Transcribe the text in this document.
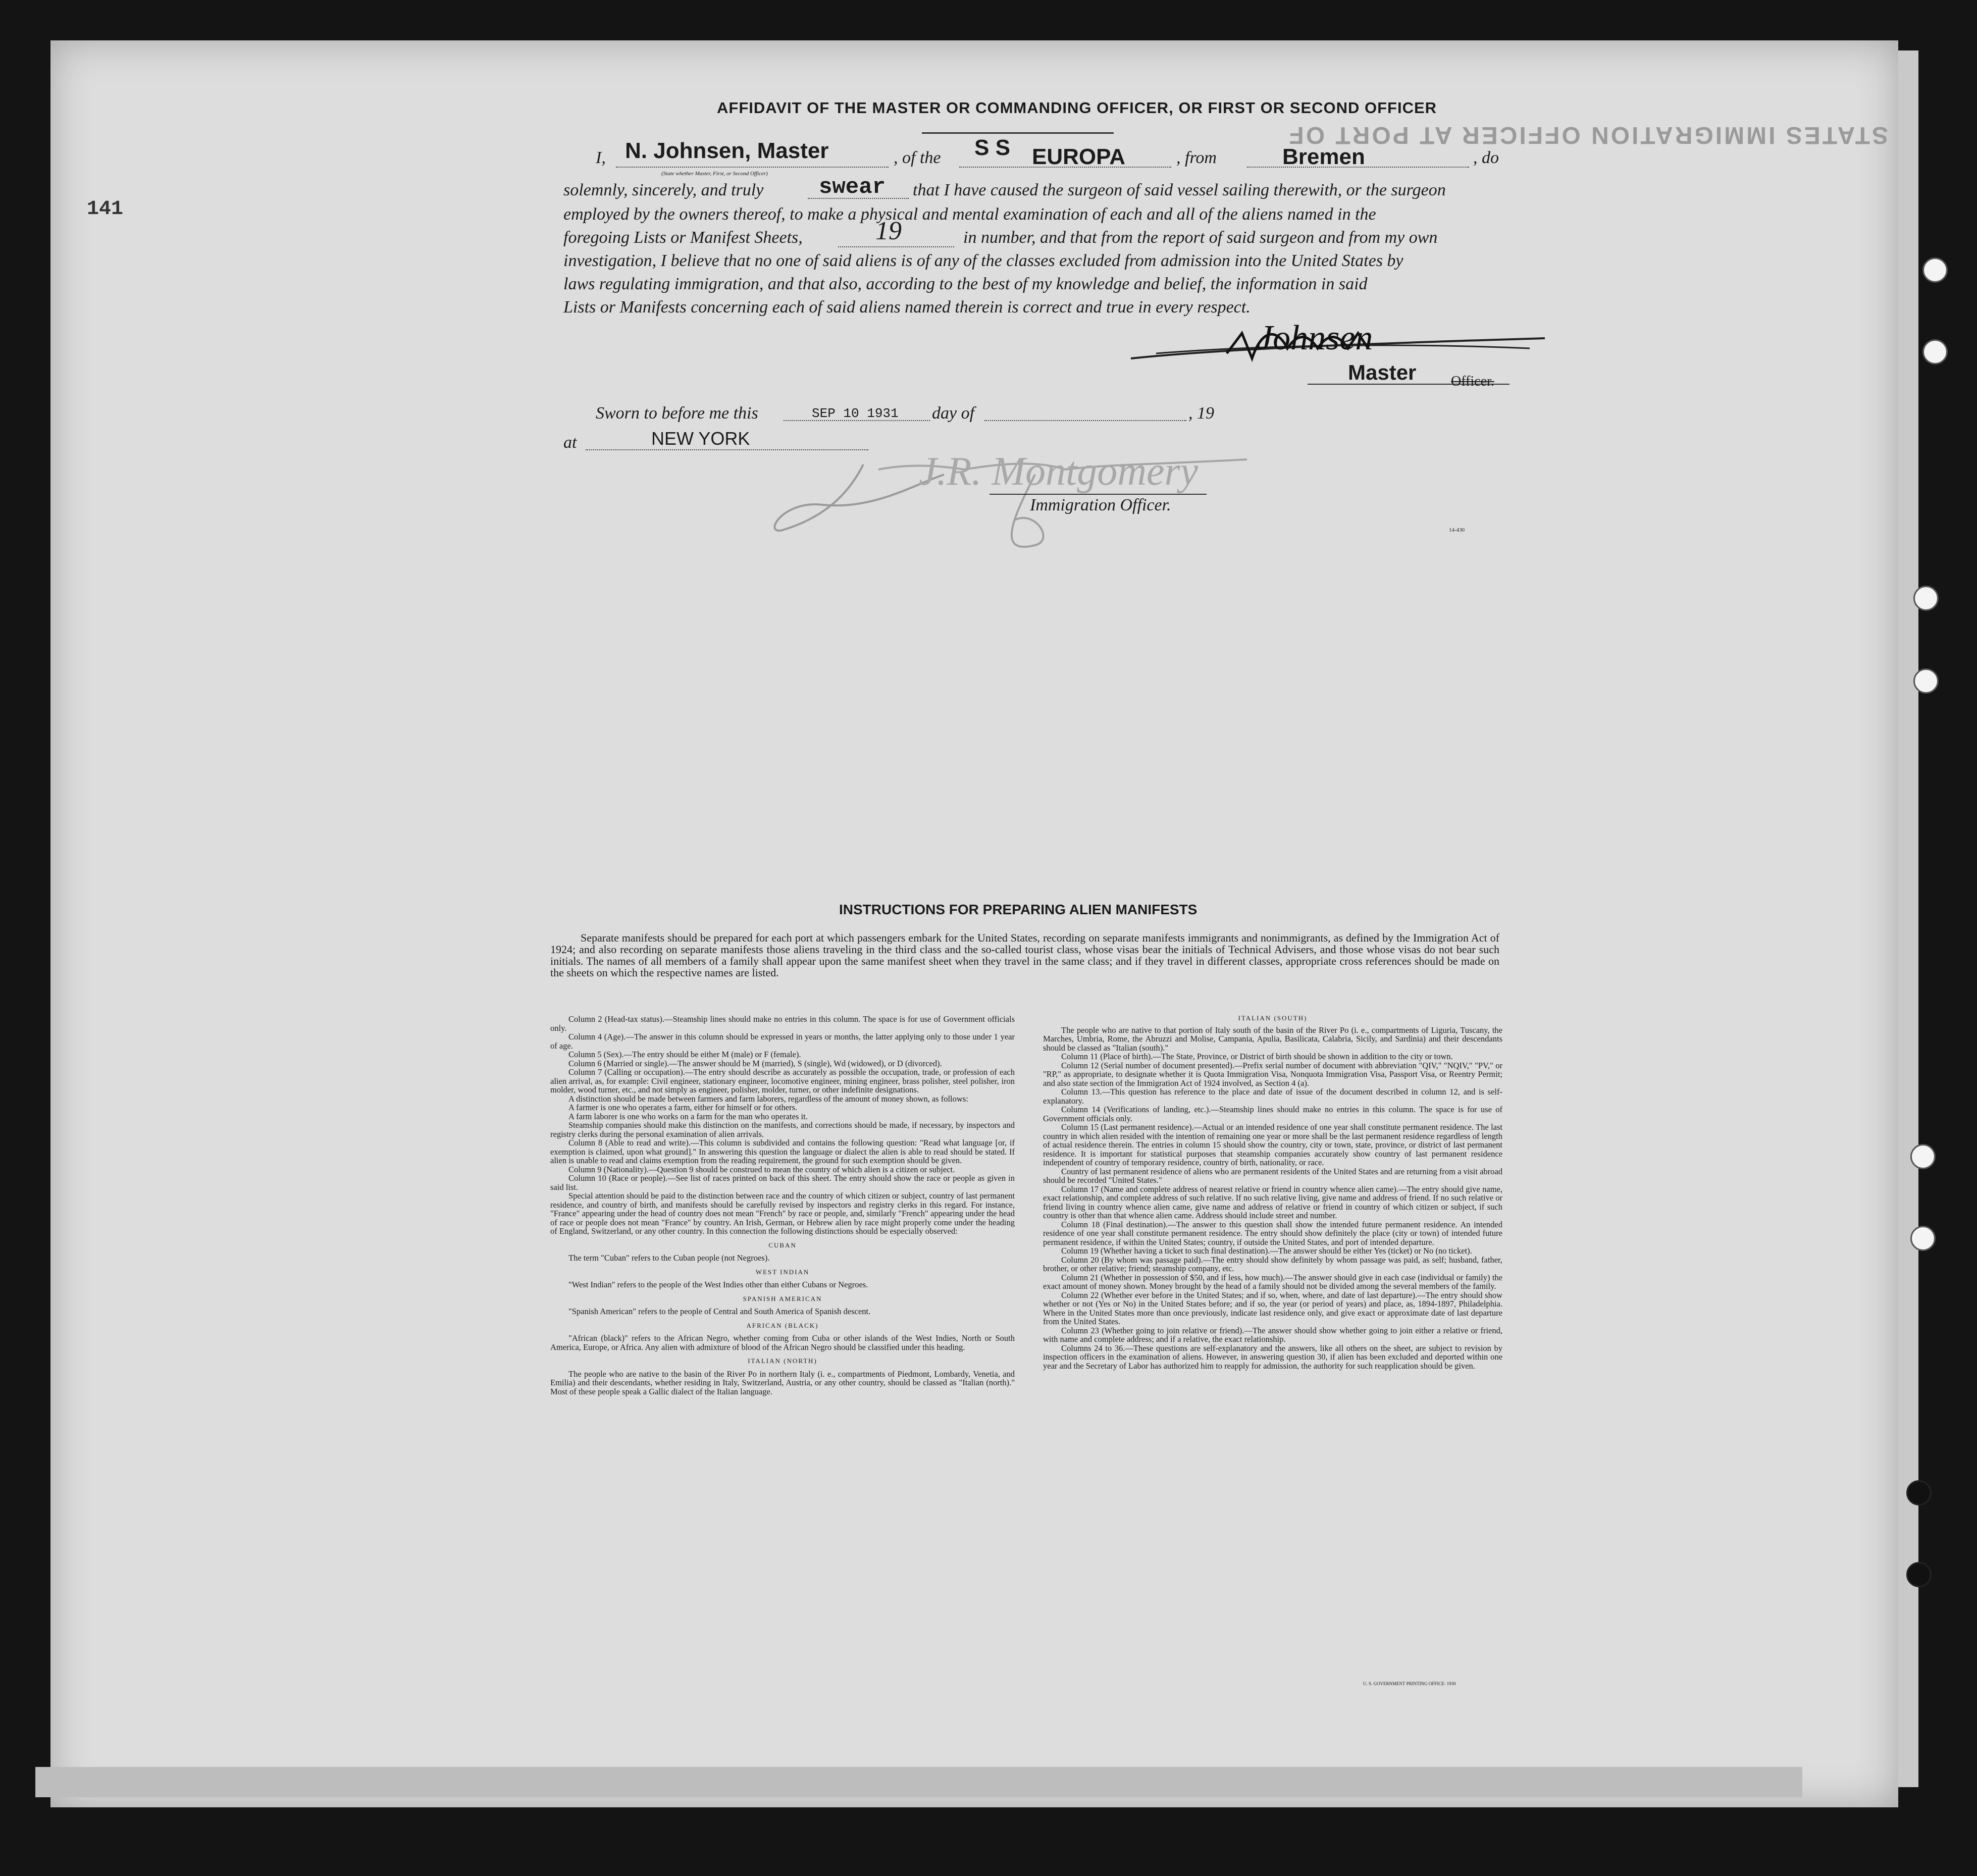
STATES IMMIGRATION OFFICER AT PORT OF
141
AFFIDAVIT OF THE MASTER OR COMMANDING OFFICER, OR FIRST OR SECOND OFFICER
I, N. Johnsen, Master
(State whether Master, First, or Second Officer)
, of the S S EUROPA	, from	Bremen	, do
solemnly, sincerely, and truly swear that I have caused the surgeon of said vessel sailing therewith, or the surgeon
employed by the owners thereof, to make a physical and mental examination of each and all of the aliens named in the
foregoing Lists or Manifest Sheets,	19	in number, and that from the report of said surgeon and from my own
investigation, I believe that no one of said aliens is of any of the classes excluded from admission into the United States by
laws regulating immigration, and that also, according to the best of my knowledge and belief, the information in said
Lists or Manifests concerning each of said aliens named therein is correct and true in every respect.
Johnsen
Master Officer.
Sworn to before me this	SEP 10 1931 day of	, 19
at	NEW YORK
J.R. Montgomery
Immigration Officer.
14-430
INSTRUCTIONS FOR PREPARING ALIEN MANIFESTS
Separate manifests should be prepared for each port at which passengers embark for the United States, recording on separate manifests immigrants and nonimmigrants, as defined by the Immigration Act of 1924; and also recording on separate manifests those aliens traveling in the third class and the so-called tourist class, whose visas bear the initials of Technical Advisers, and those whose visas do not bear such initials. The names of all members of a family shall appear upon the same manifest sheet when they travel in the same class; and if they travel in different classes, appropriate cross references should be made on the sheets on which the respective names are listed.

Column 2 (Head-tax status).—Steamship lines should make no entries in this column. The space is for use of Government officials only.

Column 4 (Age).—The answer in this column should be expressed in years or months, the latter applying only to those under 1 year of age.

Column 5 (Sex).—The entry should be either M (male) or F (female).

Column 6 (Married or single).—The answer should be M (married), S (single), Wd (widowed), or D (divorced).

Column 7 (Calling or occupation).—The entry should describe as accurately as possible the occupation, trade, or profession of each alien arrival, as, for example: Civil engineer, stationary engineer, locomotive engineer, mining engineer, brass polisher, steel polisher, iron molder, wood turner, etc., and not simply as engineer, polisher, molder, turner, or other indefinite designations.

A distinction should be made between farmers and farm laborers, regardless of the amount of money shown, as follows:

A farmer is one who operates a farm, either for himself or for others.

A farm laborer is one who works on a farm for the man who operates it.

Steamship companies should make this distinction on the manifests, and corrections should be made, if necessary, by inspectors and registry clerks during the personal examination of alien arrivals.

Column 8 (Able to read and write).—This column is subdivided and contains the following question: "Read what language [or, if exemption is claimed, upon what ground]." In answering this question the language or dialect the alien is able to read should be stated. If alien is unable to read and claims exemption from the reading requirement, the ground for such exemption should be given.

Column 9 (Nationality).—Question 9 should be construed to mean the country of which alien is a citizen or subject.

Column 10 (Race or people).—See list of races printed on back of this sheet. The entry should show the race or people as given in said list.

Special attention should be paid to the distinction between race and the country of which citizen or subject, country of last permanent residence, and country of birth, and manifests should be carefully revised by inspectors and registry clerks in this regard. For instance, "France" appearing under the head of country does not mean "French" by race or people, and, similarly "French" appearing under the head of race or people does not mean "France" by country. An Irish, German, or Hebrew alien by race might properly come under the heading of England, Switzerland, or any other country. In this connection the following distinctions should be especially observed:

CUBAN

The term "Cuban" refers to the Cuban people (not Negroes).

WEST INDIAN

"West Indian" refers to the people of the West Indies other than either Cubans or Negroes.

SPANISH AMERICAN

"Spanish American" refers to the people of Central and South America of Spanish descent.

AFRICAN (BLACK)

"African (black)" refers to the African Negro, whether coming from Cuba or other islands of the West Indies, North or South America, Europe, or Africa. Any alien with admixture of blood of the African Negro should be classified under this heading.

ITALIAN (NORTH)

The people who are native to the basin of the River Po in northern Italy (i. e., compartments of Piedmont, Lombardy, Venetia, and Emilia) and their descendants, whether residing in Italy, Switzerland, Austria, or any other country, should be classed as "Italian (north)." Most of these people speak a Gallic dialect of the Italian language.

ITALIAN (SOUTH)

The people who are native to that portion of Italy south of the basin of the River Po (i. e., compartments of Liguria, Tuscany, the Marches, Umbria, Rome, the Abruzzi and Molise, Campania, Apulia, Basilicata, Calabria, Sicily, and Sardinia) and their descendants should be classed as "Italian (south)."

Column 11 (Place of birth).—The State, Province, or District of birth should be shown in addition to the city or town.

Column 12 (Serial number of document presented).—Prefix serial number of document with abbreviation "QIV," "NQIV," "PV," or "RP," as appropriate, to designate whether it is Quota Immigration Visa, Nonquota Immigration Visa, Passport Visa, or Reentry Permit; and also state section of the Immigration Act of 1924 involved, as Section 4 (a).

Column 13.—This question has reference to the place and date of issue of the document described in column 12, and is self-explanatory.

Column 14 (Verifications of landing, etc.).—Steamship lines should make no entries in this column. The space is for use of Government officials only.

Column 15 (Last permanent residence).—Actual or an intended residence of one year shall constitute permanent residence. The last country in which alien resided with the intention of remaining one year or more shall be the last permanent residence regardless of length of actual residence therein. The entries in column 15 should show the country, city or town, state, province, or district of last permanent residence. It is important for statistical purposes that steamship companies accurately show country of last permanent residence independent of country of temporary residence, country of birth, nationality, or race.

Country of last permanent residence of aliens who are permanent residents of the United States and are returning from a visit abroad should be recorded "United States."

Column 17 (Name and complete address of nearest relative or friend in country whence alien came).—The entry should give name, exact relationship, and complete address of such relative. If no such relative living, give name and address of friend. If no such relative or friend living in country whence alien came, give name and address of relative or friend in country of which citizen or subject, if such country is other than that whence alien came. Address should include street and number.

Column 18 (Final destination).—The answer to this question shall show the intended future permanent residence. An intended residence of one year shall constitute permanent residence. The entry should show definitely the place (city or town) of intended future permanent residence, if within the United States; country, if outside the United States, and port of intended departure.

Column 19 (Whether having a ticket to such final destination).—The answer should be either Yes (ticket) or No (no ticket).

Column 20 (By whom was passage paid).—The entry should show definitely by whom passage was paid, as self; husband, father, brother, or other relative; friend; steamship company, etc.

Column 21 (Whether in possession of $50, and if less, how much).—The answer should give in each case (individual or family) the exact amount of money shown. Money brought by the head of a family should not be divided among the several members of the family.

Column 22 (Whether ever before in the United States; and if so, when, where, and date of last departure).—The entry should show whether or not (Yes or No) in the United States before; and if so, the year (or period of years) and place, as, 1894-1897, Philadelphia. Where in the United States more than once previously, indicate last residence only, and give exact or approximate date of last departure from the United States.

Column 23 (Whether going to join relative or friend).—The answer should show whether going to join either a relative or friend, with name and complete address; and if a relative, the exact relationship.

Columns 24 to 36.—These questions are self-explanatory and the answers, like all others on the sheet, are subject to revision by inspection officers in the examination of aliens. However, in answering question 30, if alien has been excluded and deported within one year and the Secretary of Labor has authorized him to reapply for admission, the authority for such reapplication should be given.

U. S. GOVERNMENT PRINTING OFFICE: 1930
